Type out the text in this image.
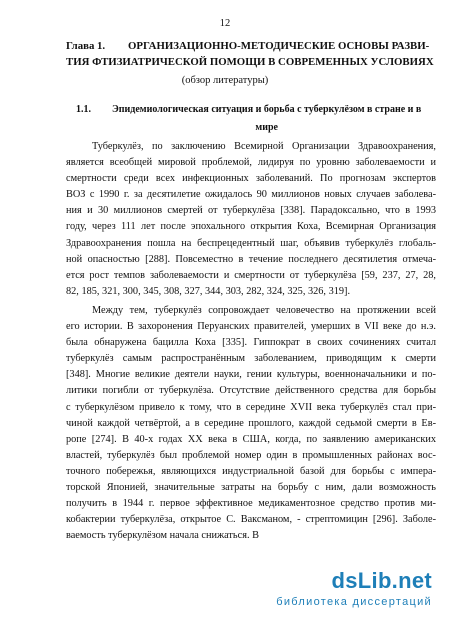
12
Глава 1. ОРГАНИЗАЦИОННО-МЕТОДИЧЕСКИЕ ОСНОВЫ РАЗВИ-
ТИЯ ФТИЗИАТРИЧЕСКОЙ ПОМОЩИ В СОВРЕМЕННЫХ УСЛОВИЯХ
(обзор литературы)
1.1. Эпидемиологическая ситуация и борьба с туберкулёзом в стране и в
мире
Туберкулёз, по заключению Всемирной Организации Здравоохранения,
является всеобщей мировой проблемой, лидируя по уровню заболеваемости и
смертности среди всех инфекционных заболеваний. По прогнозам экспертов
ВОЗ с 1990 г. за десятилетие ожидалось 90 миллионов новых случаев заболева-
ния и 30 миллионов смертей от туберкулёза [338]. Парадоксально, что в 1993
году, через 111 лет после эпохального открытия Коха, Всемирная Организация
Здравоохранения пошла на беспрецедентный шаг, объявив туберкулёз глобаль-
ной опасностью [288]. Повсеместно в течение последнего десятилетия отмеча-
ется рост темпов заболеваемости и смертности от туберкулёза [59, 237, 27, 28,
82, 185, 321, 300, 345, 308, 327, 344, 303, 282, 324, 325, 326, 319].
Между тем, туберкулёз сопровождает человечество на протяжении всей
его истории. В захоронения Перуанских правителей, умерших в VII веке до н.э.
была обнаружена бацилла Коха [335]. Гиппократ в своих сочинениях считал
туберкулёз самым распространённым заболеванием, приводящим к смерти
[348]. Многие великие деятели науки, гении культуры, военноначальники и по-
литики погибли от туберкулёза. Отсутствие действенного средства для борьбы
с туберкулёзом привело к тому, что в середине XVII века туберкулёз стал при-
чиной каждой четвёртой, а в середине прошлого, каждой седьмой смерти в Ев-
ропе [274]. В 40-х годах XX века в США, когда, по заявлению американских
властей, туберкулёз был проблемой номер один в промышленных районах вос-
точного побережья, являющихся индустриальной базой для борьбы с импера-
торской Японией, значительные затраты на борьбу с ним, дали возможность
получить в 1944 г. первое эффективное медикаментозное средство против ми-
кобактерии туберкулёза, открытое С. Ваксманом, - стрептомицин [296]. Заболе-
ваемость туберкулёзом начала снижаться. В
dsLib.net
библиотека диссертаций
